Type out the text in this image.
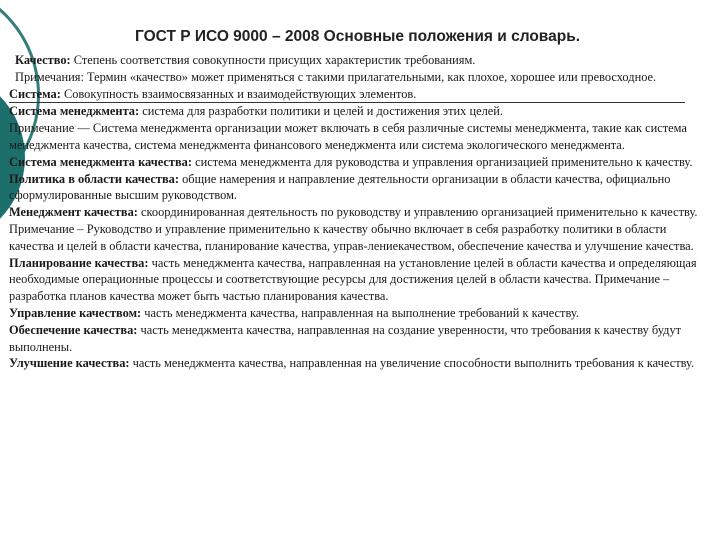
ГОСТ Р ИСО 9000 – 2008 Основные положения и словарь.

Качество: Степень соответствия совокупности присущих характеристик требованиям.

Примечания: Термин «качество» может применяться с такими прилагательными, как плохое, хорошее или превосходное.

Система: Совокупность взаимосвязанных и взаимодействующих элементов.

Система менеджмента: система для разработки политики и целей и достижения этих целей.

Примечание — Система менеджмента организации может включать в себя различные системы менеджмента, такие как система менеджмента качества, система менеджмента финансового менеджмента или система экологического менеджмента.

Система менеджмента качества: система менеджмента для руководства и управления организацией применительно к качеству.

Политика в области качества: общие намерения и направление деятельности организации в области качества, официально сформулированные высшим руководством.

Менеджмент качества: скоординированная деятельность по руководству и управлению организацией применительно к качеству.

Примечание – Руководство и управление применительно к качеству обычно включает в себя разработку политики в области качества и целей в области качества, планирование качества, управ-лениекачеством, обеспечение качества и улучшение качества.

Планирование качества: часть менеджмента качества, направленная на установление целей в области качества и определяющая необходимые операционные процессы и соответствующие ресурсы для достижения целей в области качества. Примечание – разработка планов качества может быть частью планирования качества.

Управление качеством: часть менеджмента качества, направленная на выполнение требований к качеству.

Обеспечение качества: часть менеджмента качества, направленная на создание уверенности, что требования к качеству будут выполнены.

Улучшение качества: часть менеджмента качества, направленная на увеличение способности выполнить требования к качеству.
